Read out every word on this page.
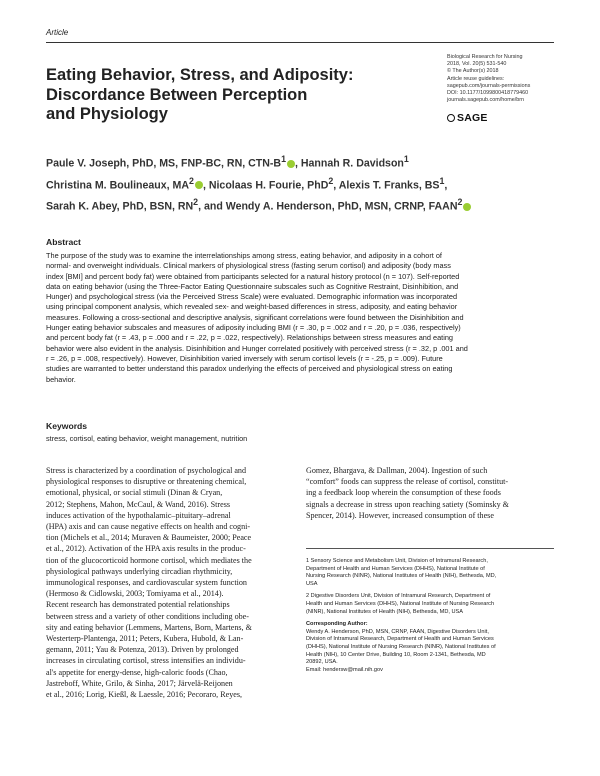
Article
Eating Behavior, Stress, and Adiposity:
Discordance Between Perception
and Physiology
Biological Research for Nursing
2018, Vol. 20(5) 531-540
© The Author(s) 2018
Article reuse guidelines:
sagepub.com/journals-permissions
DOI: 10.1177/1099800418779460
journals.sagepub.com/home/brn
SAGE
Paule V. Joseph, PhD, MS, FNP-BC, RN, CTN-$B^1$ , Hannah R. Davidson$^1$
Christina M. Boulineaux, $MA^2$ , Nicolaas H. Fourie, PhD$^2$, Alexis T. Franks, $BS^1$,
Sarah K. Abey, PhD, BSN, $RN^2$, and Wendy A. Henderson, PhD, MSN, CRNP, FAAN$^2$
Abstract
The purpose of the study was to examine the interrelationships among stress, eating behavior, and adiposity in a cohort of
normal- and overweight individuals. Clinical markers of physiological stress (fasting serum cortisol) and adiposity (body mass
index [BMI] and percent body fat) were obtained from participants selected for a natural history protocol (n = 107). Self-reported
data on eating behavior (using the Three-Factor Eating Questionnaire subscales such as Cognitive Restraint, Disinhibition, and
Hunger) and psychological stress (via the Perceived Stress Scale) were evaluated. Demographic information was incorporated
using principal component analysis, which revealed sex- and weight-based differences in stress, adiposity, and eating behavior
measures. Following a cross-sectional and descriptive analysis, significant correlations were found between the Disinhibition and
Hunger eating behavior subscales and measures of adiposity including BMI (r = .30, p = .002 and r = .20, p = .036, respectively)
and percent body fat (r = .43, p = .000 and r = .22, p = .022, respectively). Relationships between stress measures and eating
behavior were also evident in the analysis. Disinhibition and Hunger correlated positively with perceived stress (r = .32, p .001 and
r = .26, p = .008, respectively). However, Disinhibition varied inversely with serum cortisol levels (r = -.25, p = .009). Future
studies are warranted to better understand this paradox underlying the effects of perceived and physiological stress on eating
behavior.
Keywords
stress, cortisol, eating behavior, weight management, nutrition
Stress is characterized by a coordination of psychological and
physiological responses to disruptive or threatening chemical,
emotional, physical, or social stimuli (Dinan & Cryan,
2012; Stephens, Mahon, McCaul, & Wand, 2016). Stress
induces activation of the hypothalamic–pituitary–adrenal
(HPA) axis and can cause negative effects on health and cogni-
tion (Michels et al., 2014; Muraven & Baumeister, 2000; Peace
et al., 2012). Activation of the HPA axis results in the produc-
tion of the glucocorticoid hormone cortisol, which mediates the
physiological pathways underlying circadian rhythmicity,
immunological responses, and cardiovascular system function
(Hermoso & Cidlowski, 2003; Tomiyama et al., 2014).
Recent research has demonstrated potential relationships
between stress and a variety of other conditions including obe-
sity and eating behavior (Lemmens, Martens, Born, Martens, &
Westerterp-Plantenga, 2011; Peters, Kubera, Hubold, & Lan-
gemann, 2011; Yau & Potenza, 2013). Driven by prolonged
increases in circulating cortisol, stress intensifies an individu-
al's appetite for energy-dense, high-caloric foods (Chao,
Jastreboff, White, Grilo, & Sinha, 2017; Järvelä-Reijonen
et al., 2016; Lorig, Kießl, & Laessle, 2016; Pecoraro, Reyes,
Gomez, Bhargava, & Dallman, 2004). Ingestion of such
“comfort” foods can suppress the release of cortisol, constitut-
ing a feedback loop wherein the consumption of these foods
signals a decrease in stress upon reaching satiety (Sominsky &
Spencer, 2014). However, increased consumption of these
1 Sensory Science and Metabolism Unit, Division of Intramural Research,
Department of Health and Human Services (DHHS), National Institute of
Nursing Research (NINR), National Institutes of Health (NIH), Bethesda, MD,
USA
2 Digestive Disorders Unit, Division of Intramural Research, Department of
Health and Human Services (DHHS), National Institute of Nursing Research
(NINR), National Institutes of Health (NIH), Bethesda, MD, USA
Corresponding Author:
Wendy A. Henderson, PhD, MSN, CRNP, FAAN, Digestive Disorders Unit,
Division of Intramural Research, Department of Health and Human Services
(DHHS), National Institute of Nursing Research (NINR), National Institutes of
Health (NIH), 10 Center Drive, Building 10, Room 2-1341, Bethesda, MD
20892, USA.
Email: hendersw@mail.nih.gov
